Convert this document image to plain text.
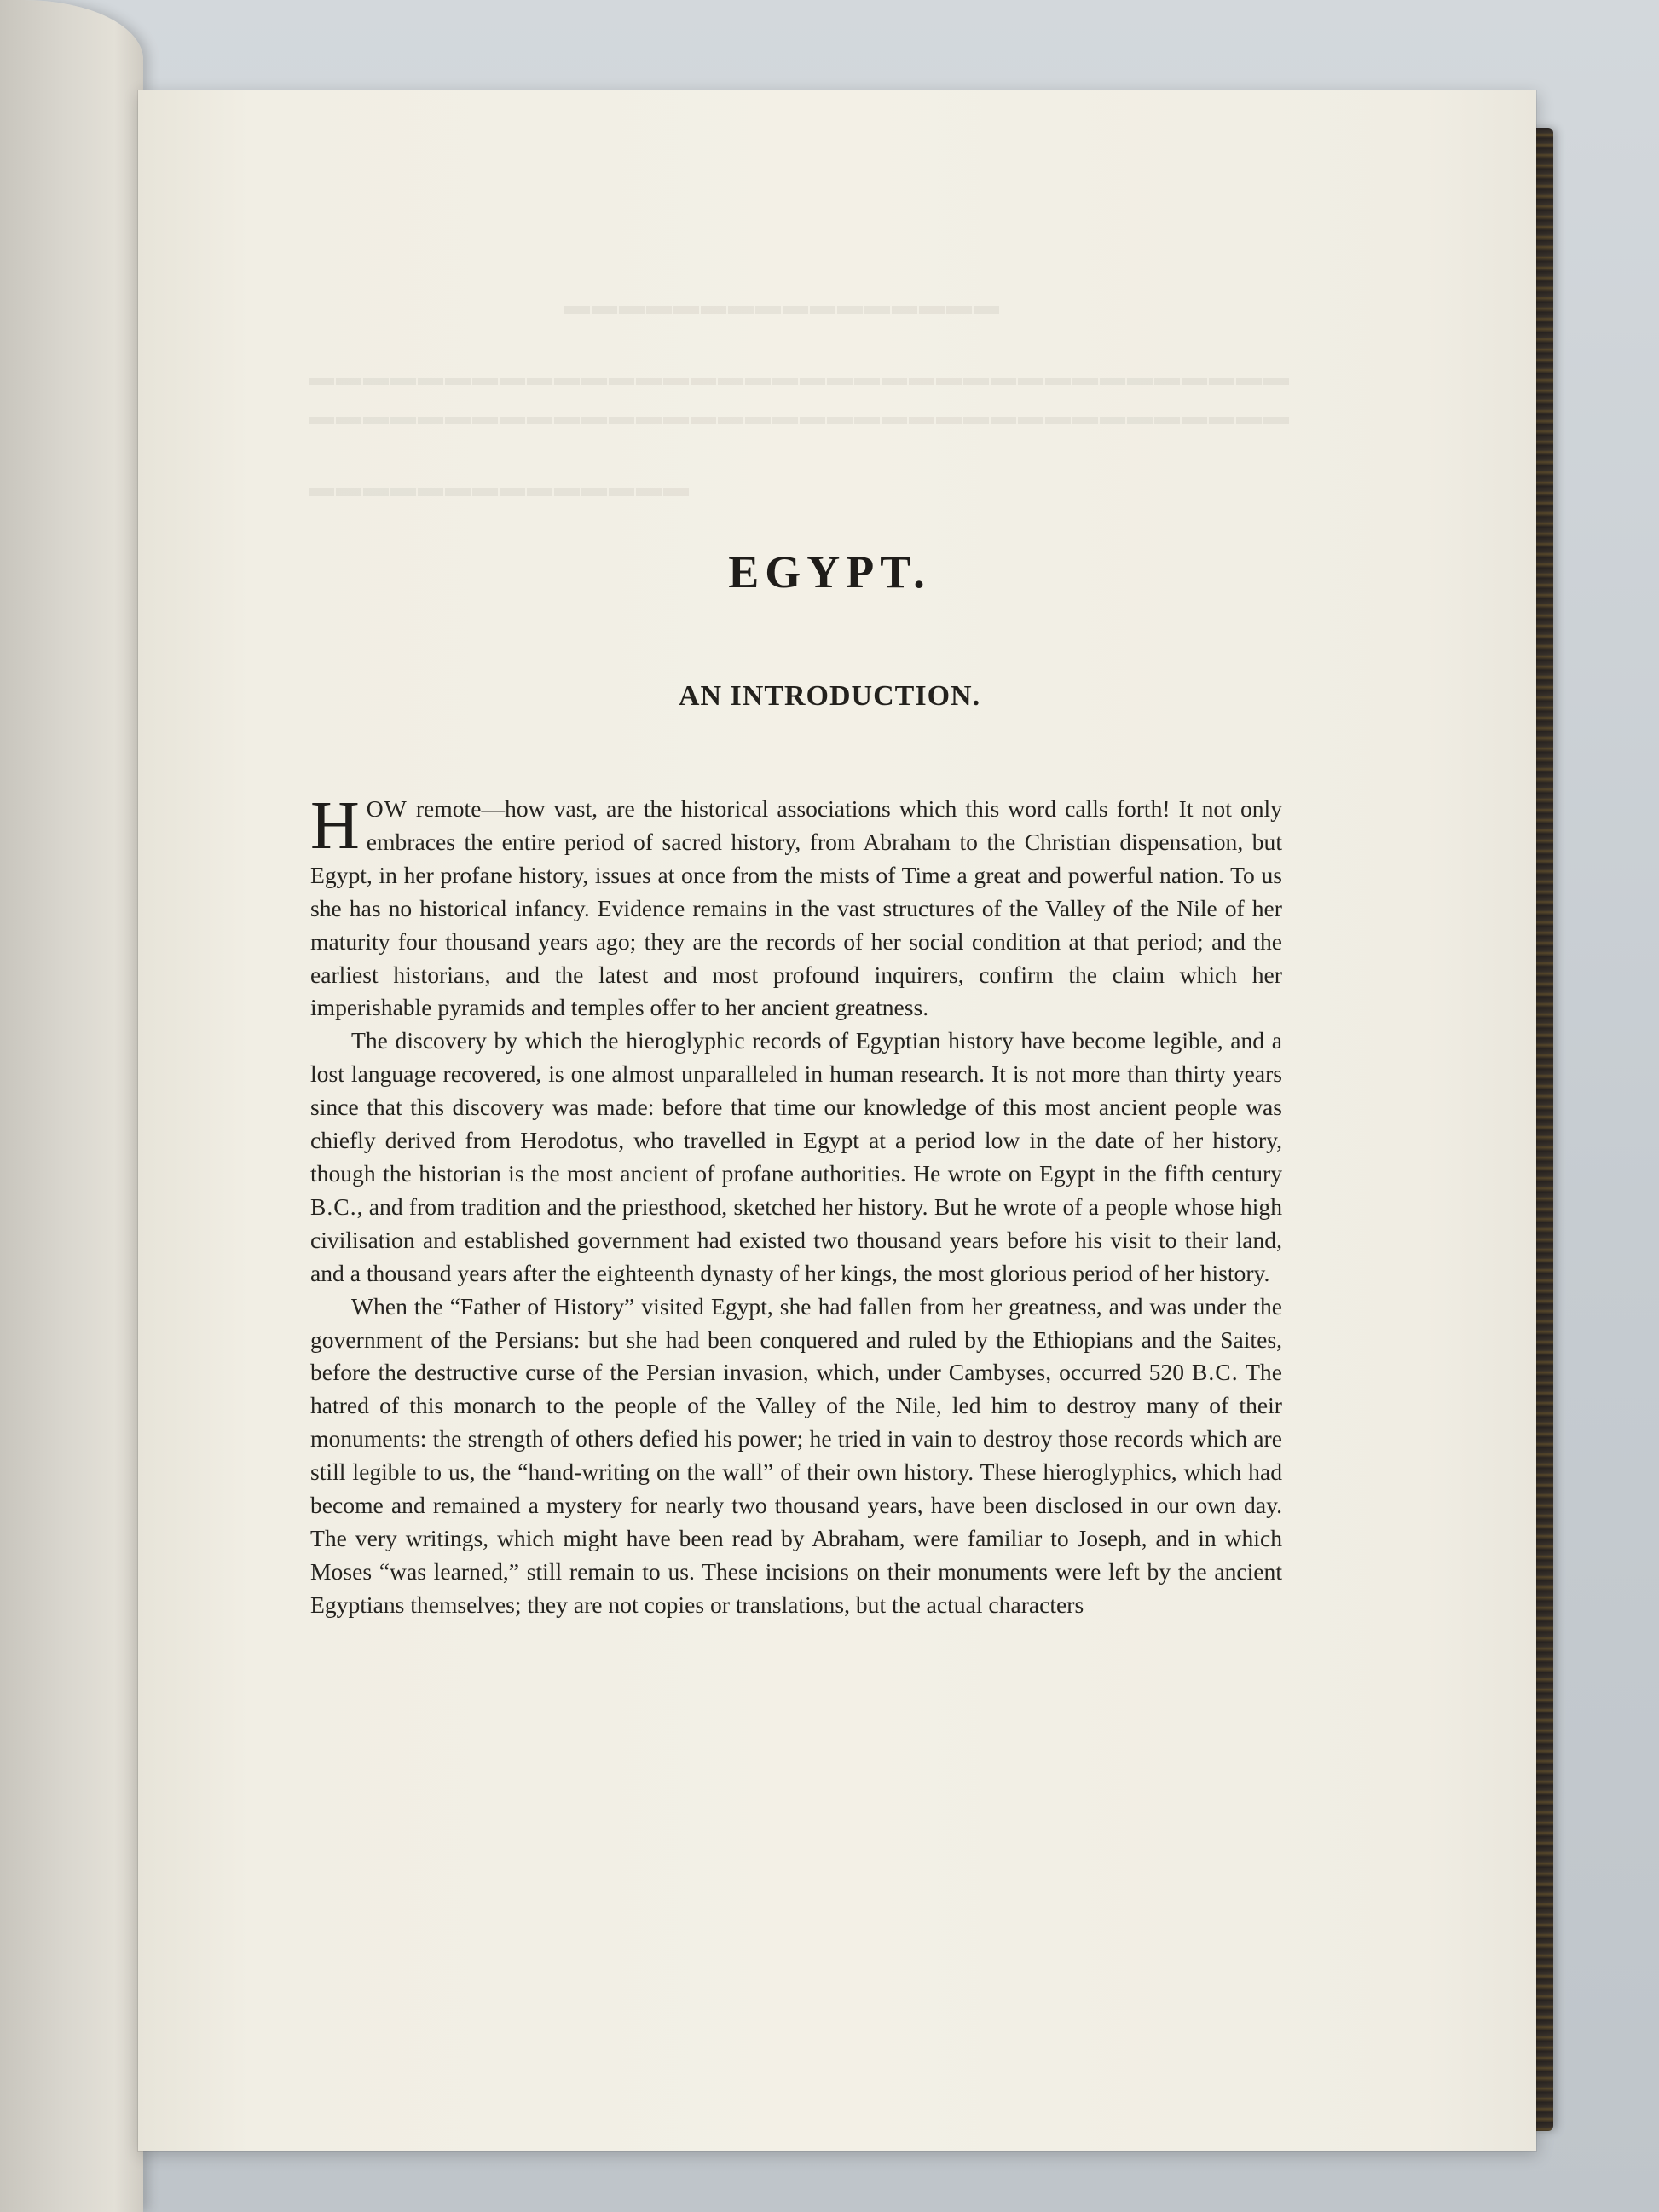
▬▬▬▬▬▬▬▬▬▬▬▬▬▬▬▬
▬▬▬▬▬▬▬▬▬▬▬▬▬▬▬▬▬▬▬▬▬▬▬▬▬▬▬▬▬▬▬▬▬▬▬▬
▬▬▬▬▬▬▬▬▬▬▬▬▬▬▬▬▬▬▬▬▬▬▬▬▬▬▬▬▬▬▬▬▬▬▬▬
▬▬▬▬▬▬▬▬▬▬▬▬▬▬
EGYPT.
AN INTRODUCTION.

HOW remote—how vast, are the historical associations which this word calls forth! It not only embraces the entire period of sacred history, from Abraham to the Christian dispensation, but Egypt, in her profane history, issues at once from the mists of Time a great and powerful nation. To us she has no historical infancy. Evidence remains in the vast structures of the Valley of the Nile of her maturity four thousand years ago; they are the records of her social condition at that period; and the earliest historians, and the latest and most profound inquirers, confirm the claim which her imperishable pyramids and temples offer to her ancient greatness.

The discovery by which the hieroglyphic records of Egyptian history have become legible, and a lost language recovered, is one almost unparalleled in human research. It is not more than thirty years since that this discovery was made: before that time our knowledge of this most ancient people was chiefly derived from Herodotus, who travelled in Egypt at a period low in the date of her history, though the historian is the most ancient of profane authorities. He wrote on Egypt in the fifth century B.C., and from tradition and the priesthood, sketched her history. But he wrote of a people whose high civilisation and established government had existed two thousand years before his visit to their land, and a thousand years after the eighteenth dynasty of her kings, the most glorious period of her history.

When the “Father of History” visited Egypt, she had fallen from her greatness, and was under the government of the Persians: but she had been conquered and ruled by the Ethiopians and the Saites, before the destructive curse of the Persian invasion, which, under Cambyses, occurred 520 B.C. The hatred of this monarch to the people of the Valley of the Nile, led him to destroy many of their monuments: the strength of others defied his power; he tried in vain to destroy those records which are still legible to us, the “hand-writing on the wall” of their own history. These hieroglyphics, which had become and remained a mystery for nearly two thousand years, have been disclosed in our own day. The very writings, which might have been read by Abraham, were familiar to Joseph, and in which Moses “was learned,” still remain to us. These incisions on their monuments were left by the ancient Egyptians themselves; they are not copies or translations, but the actual characters
